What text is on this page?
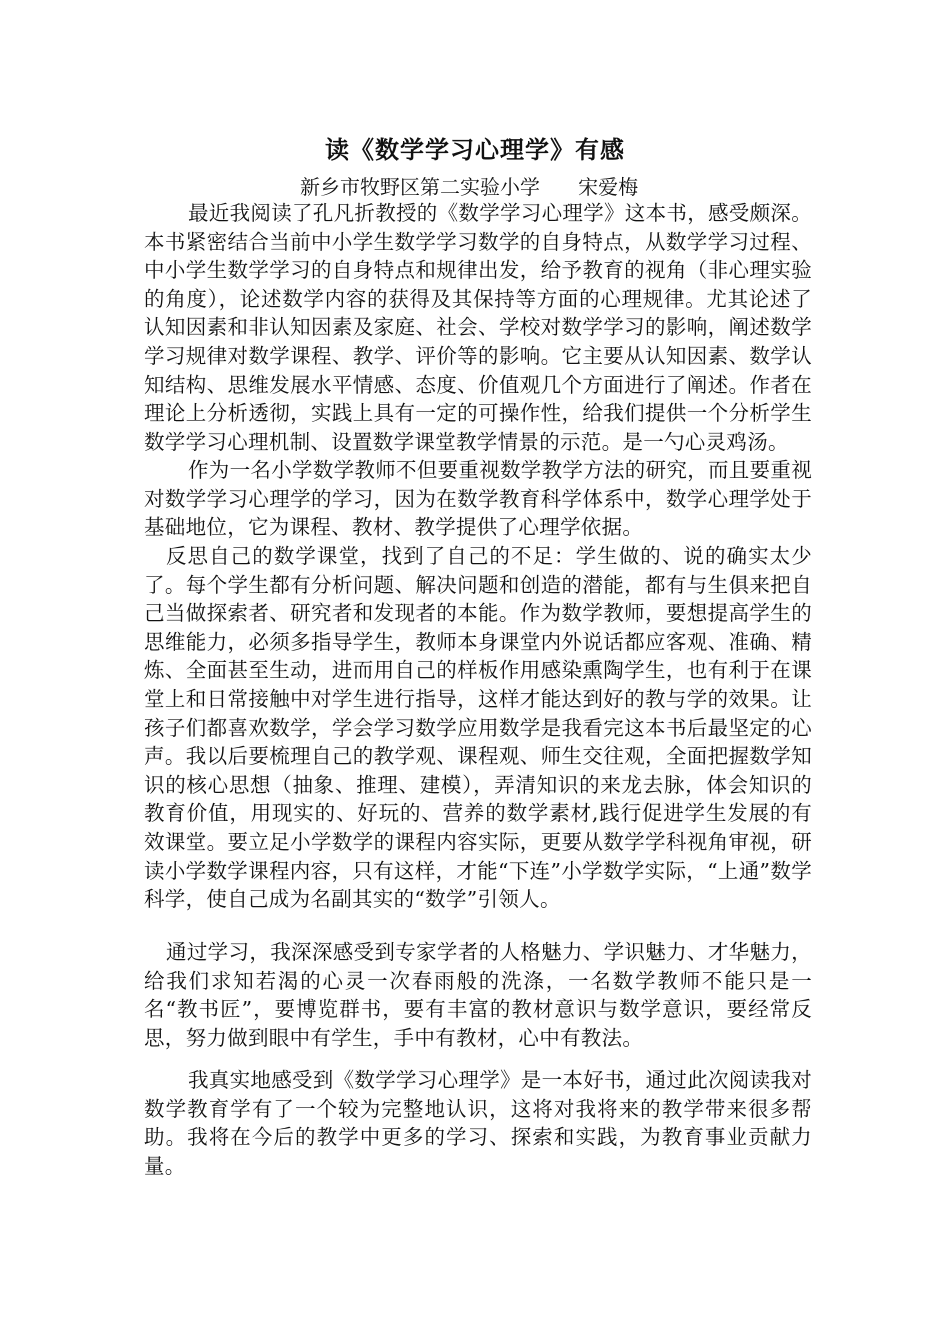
读《数学学习心理学》有感
新乡市牧野区第二实验小学      宋爱梅

最近我阅读了孔凡折教授的《数学学习心理学》这本书，感受颇深。本书紧密结合当前中小学生数学学习数学的自身特点，从数学学习过程、中小学生数学学习的自身特点和规律出发，给予教育的视角（非心理实验的角度），论述数学内容的获得及其保持等方面的心理规律。尤其论述了认知因素和非认知因素及家庭、社会、学校对数学学习的影响，阐述数学学习规律对数学课程、教学、评价等的影响。它主要从认知因素、数学认知结构、思维发展水平情感、态度、价值观几个方面进行了阐述。作者在理论上分析透彻，实践上具有一定的可操作性，给我们提供一个分析学生数学学习心理机制、设置数学课堂教学情景的示范。是一勺心灵鸡汤。

作为一名小学数学教师不但要重视数学教学方法的研究，而且要重视对数学学习心理学的学习，因为在数学教育科学体系中，数学心理学处于基础地位，它为课程、教材、教学提供了心理学依据。

反思自己的数学课堂，找到了自己的不足：学生做的、说的确实太少了。每个学生都有分析问题、解决问题和创造的潜能，都有与生俱来把自己当做探索者、研究者和发现者的本能。作为数学教师，要想提高学生的思维能力，必须多指导学生，教师本身课堂内外说话都应客观、准确、精炼、全面甚至生动，进而用自己的样板作用感染熏陶学生，也有利于在课堂上和日常接触中对学生进行指导，这样才能达到好的教与学的效果。让孩子们都喜欢数学，学会学习数学应用数学是我看完这本书后最坚定的心声。我以后要梳理自己的教学观、课程观、师生交往观，全面把握数学知识的核心思想（抽象、推理、建模），弄清知识的来龙去脉，体会知识的教育价值，用现实的、好玩的、营养的数学素材,践行促进学生发展的有效课堂。要立足小学数学的课程内容实际，更要从数学学科视角审视，研读小学数学课程内容，只有这样，才能“下连”小学数学实际，“上通”数学科学，使自己成为名副其实的“数学”引领人。

通过学习，我深深感受到专家学者的人格魅力、学识魅力、才华魅力，给我们求知若渴的心灵一次春雨般的洗涤，一名数学教师不能只是一名“教书匠”，要博览群书，要有丰富的教材意识与数学意识，要经常反思，努力做到眼中有学生，手中有教材，心中有教法。

我真实地感受到《数学学习心理学》是一本好书，通过此次阅读我对数学教育学有了一个较为完整地认识，这将对我将来的教学带来很多帮助。我将在今后的教学中更多的学习、探索和实践，为教育事业贡献力量。
